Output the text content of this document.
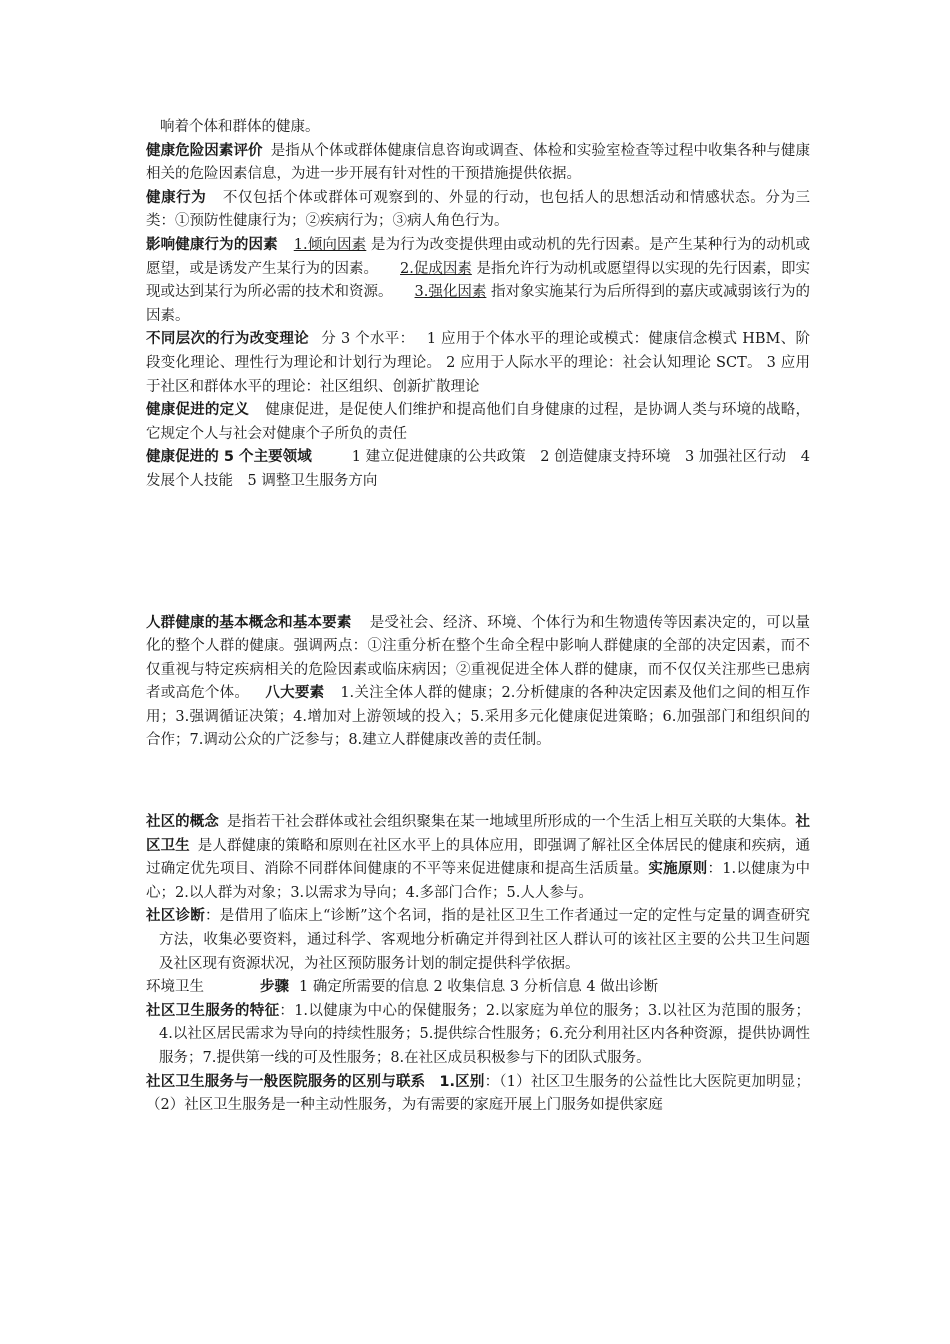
响着个体和群体的健康。

健康危险因素评价 是指从个体或群体健康信息咨询或调查、体检和实验室检查等过程中收集各种与健康相关的危险因素信息，为进一步开展有针对性的干预措施提供依据。

健康行为 不仅包括个体或群体可观察到的、外显的行动，也包括人的思想活动和情感状态。分为三类：①预防性健康行为；②疾病行为；③病人角色行为。

影响健康行为的因素 1.倾向因素 是为行为改变提供理由或动机的先行因素。是产生某种行为的动机或愿望，或是诱发产生某行为的因素。 2.促成因素 是指允许行为动机或愿望得以实现的先行因素，即实现或达到某行为所必需的技术和资源。 3.强化因素 指对象实施某行为后所得到的嘉庆或减弱该行为的因素。

不同层次的行为改变理论 分 3 个水平：　 1 应用于个体水平的理论或模式：健康信念模式 HBM、阶段变化理论、理性行为理论和计划行为理论。 2 应用于人际水平的理论：社会认知理论 SCT。 3 应用于社区和群体水平的理论：社区组织、创新扩散理论

健康促进的定义 健康促进，是促使人们维护和提高他们自身健康的过程，是协调人类与环境的战略，它规定个人与社会对健康个子所负的责任

健康促进的 5 个主要领域	1 建立促进健康的公共政策　2 创造健康支持环境　3 加强社区行动　4 发展个人技能　5 调整卫生服务方向

人群健康的基本概念和基本要素 是受社会、经济、环境、个体行为和生物遗传等因素决定的，可以量化的整个人群的健康。强调两点：①注重分析在整个生命全程中影响人群健康的全部的决定因素，而不仅重视与特定疾病相关的危险因素或临床病因；②重视促进全体人群的健康，而不仅仅关注那些已患病者或高危个体。 八大要素 1.关注全体人群的健康；2.分析健康的各种决定因素及他们之间的相互作用；3.强调循证决策；4.增加对上游领域的投入；5.采用多元化健康促进策略；6.加强部门和组织间的合作；7.调动公众的广泛参与；8.建立人群健康改善的责任制。

社区的概念 是指若干社会群体或社会组织聚集在某一地域里所形成的一个生活上相互关联的大集体。社区卫生 是人群健康的策略和原则在社区水平上的具体应用，即强调了解社区全体居民的健康和疾病，通过确定优先项目、消除不同群体间健康的不平等来促进健康和提高生活质量。实施原则：1.以健康为中心；2.以人群为对象；3.以需求为导向；4.多部门合作；5.人人参与。

社区诊断：是借用了临床上“诊断”这个名词，指的是社区卫生工作者通过一定的定性与定量的调查研究方法，收集必要资料，通过科学、客观地分析确定并得到社区人群认可的该社区主要的公共卫生问题及社区现有资源状况，为社区预防服务计划的制定提供科学依据。

环境卫生	步骤 1 确定所需要的信息 2 收集信息 3 分析信息 4 做出诊断

社区卫生服务的特征：1.以健康为中心的保健服务；2.以家庭为单位的服务；3.以社区为范围的服务；4.以社区居民需求为导向的持续性服务；5.提供综合性服务；6.充分利用社区内各种资源，提供协调性服务；7.提供第一线的可及性服务；8.在社区成员积极参与下的团队式服务。

社区卫生服务与一般医院服务的区别与联系 1.区别：（1）社区卫生服务的公益性比大医院更加明显；（2）社区卫生服务是一种主动性服务，为有需要的家庭开展上门服务如提供家庭
